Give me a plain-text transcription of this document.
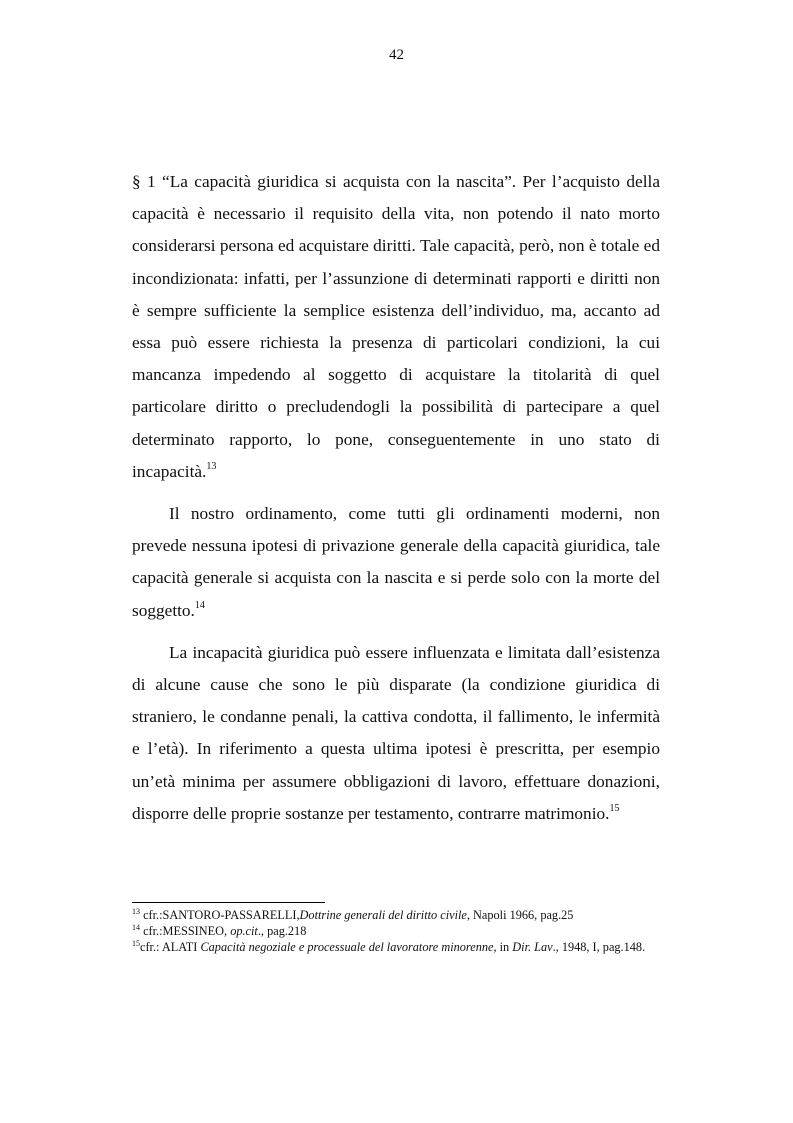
42

§ 1 “La capacità giuridica si acquista con la nascita”. Per l’acquisto della capacità è necessario il requisito della vita, non potendo il nato morto considerarsi persona ed acquistare diritti. Tale capacità, però, non è totale ed incondizionata: infatti, per l’assunzione di determinati rapporti e diritti non è sempre sufficiente la semplice esistenza dell’individuo, ma, accanto ad essa può essere richiesta la presenza di particolari condizioni, la cui mancanza impedendo al soggetto di acquistare la titolarità di quel particolare diritto o precludendogli la possibilità di partecipare a quel determinato rapporto, lo pone, conseguentemente in uno stato di incapacità.$^{13}$

Il nostro ordinamento, come tutti gli ordinamenti moderni, non prevede nessuna ipotesi di privazione generale della capacità giuridica, tale capacità generale si acquista con la nascita e si perde solo con la morte del soggetto.$^{14}$

La incapacità giuridica può essere influenzata e limitata dall’esistenza di alcune cause che sono le più disparate (la condizione giuridica di straniero, le condanne penali, la cattiva condotta, il fallimento, le infermità e l’età). In riferimento a questa ultima ipotesi è prescritta, per esempio un’età minima per assumere obbligazioni di lavoro, effettuare donazioni, disporre delle proprie sostanze per testamento, contrarre matrimonio.$^{15}$

$^{13}$ cfr.:SANTORO-PASSARELLI,Dottrine generali del diritto civile, Napoli 1966, pag.25

$^{14}$ cfr.:MESSINEO, op.cit., pag.218

$^{15}$cfr.: ALATI Capacità negoziale e processuale del lavoratore minorenne, in Dir. Lav., 1948, I, pag.148.
